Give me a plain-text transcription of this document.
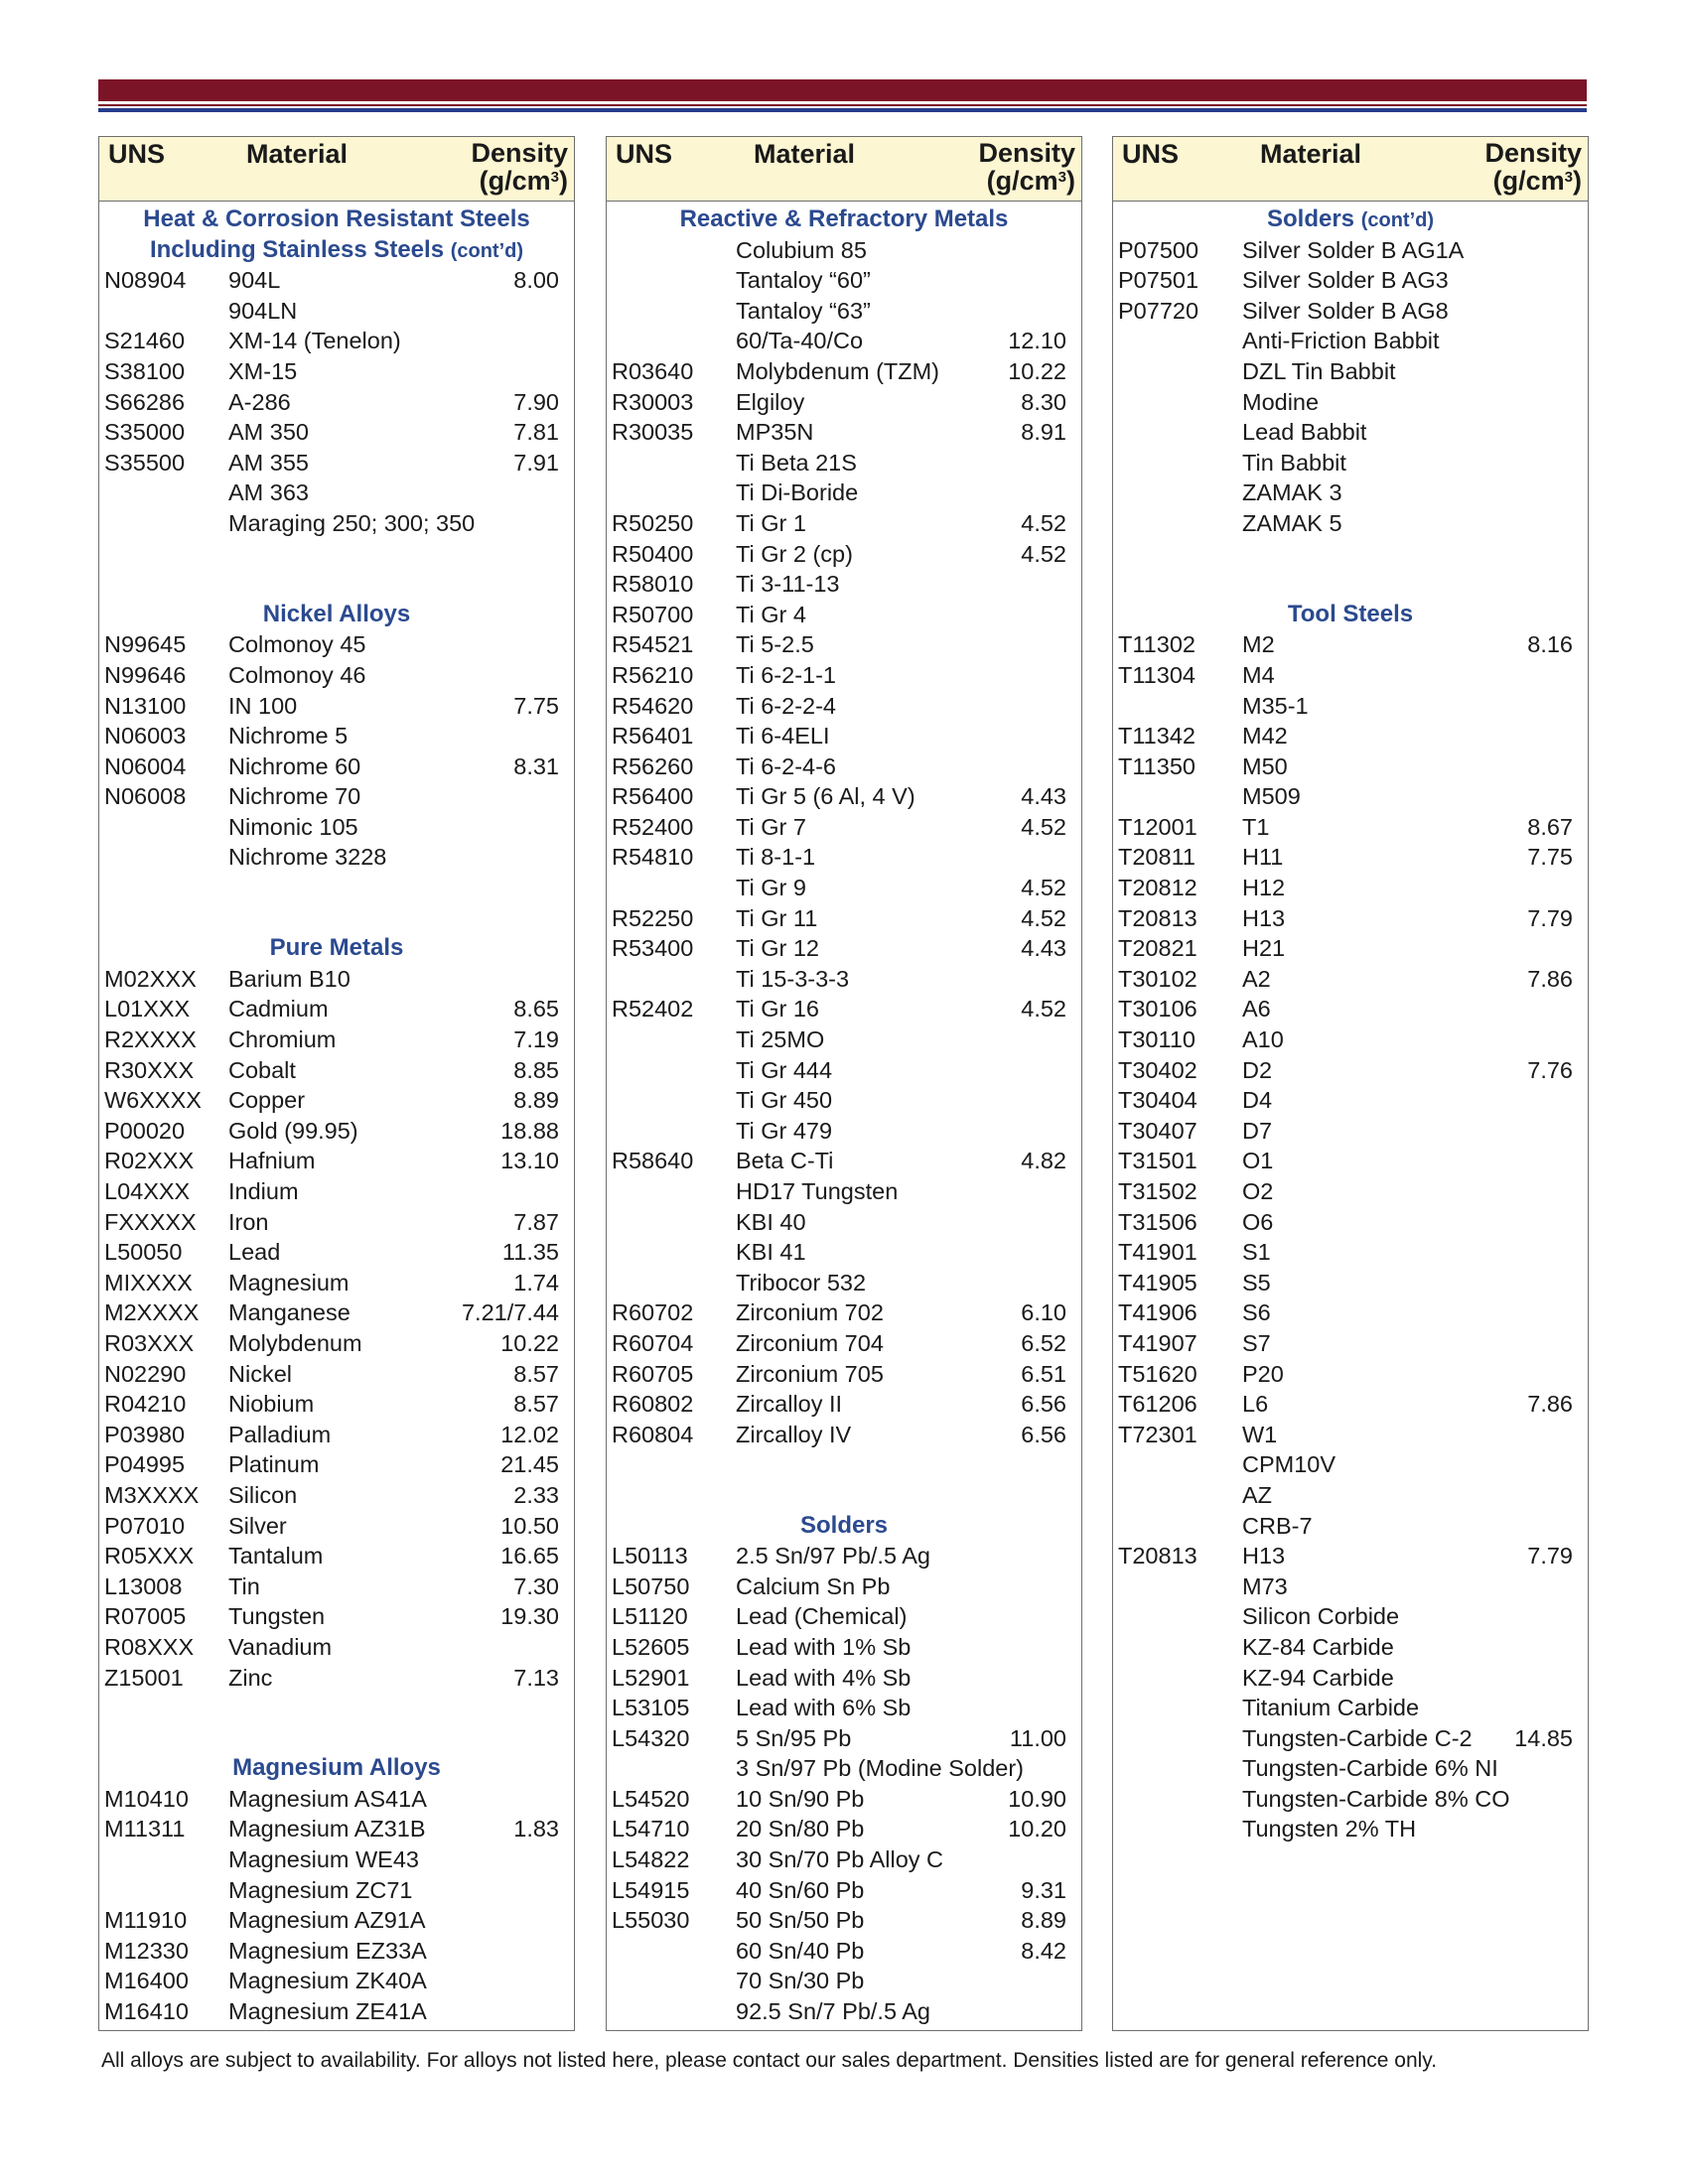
UNS	Material	Density
$(g/cm^3)$
Heat & Corrosion Resistant Steels
Including Stainless Steels (cont’d)
N08904 904L	8.00
904LN
S21460 XM-14 (Tenelon)
S38100 XM-15
S66286 A-286	7.90
S35000 AM 350	7.81
S35500 AM 355	7.91
AM 363
Maraging 250; 300; 350
Nickel Alloys
N99645 Colmonoy 45
N99646 Colmonoy 46
N13100 IN 100	7.75
N06003 Nichrome 5
N06004 Nichrome 60	8.31
N06008 Nichrome 70
Nimonic 105
Nichrome 3228
Pure Metals
M02XXX Barium B10
L01XXX Cadmium	8.65
R2XXXX Chromium	7.19
R30XXX Cobalt	8.85
W6XXXX Copper	8.89
P00020 Gold (99.95)	18.88
R02XXX Hafnium	13.10
L04XXX Indium
FXXXXX Iron	7.87
L50050 Lead	11.35
MIXXXX Magnesium	1.74
M2XXXX Manganese	7.21/7.44
R03XXX Molybdenum	10.22
N02290 Nickel	8.57
R04210 Niobium	8.57
P03980 Palladium	12.02
P04995 Platinum	21.45
M3XXXX Silicon	2.33
P07010 Silver	10.50
R05XXX Tantalum	16.65
L13008 Tin	7.30
R07005 Tungsten	19.30
R08XXX Vanadium
Z15001 Zinc	7.13
Magnesium Alloys
M10410 Magnesium AS41A
M11311 Magnesium AZ31B	1.83
Magnesium WE43
Magnesium ZC71
M11910 Magnesium AZ91A
M12330 Magnesium EZ33A
M16400 Magnesium ZK40A
M16410 Magnesium ZE41A
UNS	Material	Density
$(g/cm^3)$
Reactive & Refractory Metals
Colubium 85
Tantaloy “60”
Tantaloy “63”
60/Ta-40/Co	12.10
R03640 Molybdenum (TZM)	10.22
R30003 Elgiloy	8.30
R30035 MP35N	8.91
Ti Beta 21S
Ti Di-Boride
R50250 Ti Gr 1	4.52
R50400 Ti Gr 2 (cp)	4.52
R58010 Ti 3-11-13
R50700 Ti Gr 4
R54521 Ti 5-2.5
R56210 Ti 6-2-1-1
R54620 Ti 6-2-2-4
R56401 Ti 6-4ELI
R56260 Ti 6-2-4-6
R56400 Ti Gr 5 (6 Al, 4 V)	4.43
R52400 Ti Gr 7	4.52
R54810 Ti 8-1-1
Ti Gr 9	4.52
R52250 Ti Gr 11	4.52
R53400 Ti Gr 12	4.43
Ti 15-3-3-3
R52402 Ti Gr 16	4.52
Ti 25MO
Ti Gr 444
Ti Gr 450
Ti Gr 479
R58640 Beta C-Ti	4.82
HD17 Tungsten
KBI 40
KBI 41
Tribocor 532
R60702 Zirconium 702	6.10
R60704 Zirconium 704	6.52
R60705 Zirconium 705	6.51
R60802 Zircalloy II	6.56
R60804 Zircalloy IV	6.56
Solders
L50113 2.5 Sn/97 Pb/.5 Ag
L50750 Calcium Sn Pb
L51120 Lead (Chemical)
L52605 Lead with 1% Sb
L52901 Lead with 4% Sb
L53105 Lead with 6% Sb
L54320 5 Sn/95 Pb	11.00
3 Sn/97 Pb (Modine Solder)
L54520 10 Sn/90 Pb	10.90
L54710 20 Sn/80 Pb	10.20
L54822 30 Sn/70 Pb Alloy C
L54915 40 Sn/60 Pb	9.31
L55030 50 Sn/50 Pb	8.89
60 Sn/40 Pb	8.42
70 Sn/30 Pb
92.5 Sn/7 Pb/.5 Ag
UNS	Material	Density
$(g/cm^3)$
Solders (cont’d)
P07500 Silver Solder B AG1A
P07501 Silver Solder B AG3
P07720 Silver Solder B AG8
Anti-Friction Babbit
DZL Tin Babbit
Modine
Lead Babbit
Tin Babbit
ZAMAK 3
ZAMAK 5
Tool Steels
T11302 M2	8.16
T11304 M4
M35-1
T11342 M42
T11350 M50
M509
T12001 T1	8.67
T20811 H11	7.75
T20812 H12
T20813 H13	7.79
T20821 H21
T30102 A2	7.86
T30106 A6
T30110 A10
T30402 D2	7.76
T30404 D4
T30407 D7
T31501 O1
T31502 O2
T31506 O6
T41901 S1
T41905 S5
T41906 S6
T41907 S7
T51620 P20
T61206 L6	7.86
T72301 W1
CPM10V
AZ
CRB-7
T20813 H13	7.79
M73
Silicon Corbide
KZ-84 Carbide
KZ-94 Carbide
Titanium Carbide
Tungsten-Carbide C-2 14.85
Tungsten-Carbide 6% NI
Tungsten-Carbide 8% CO
Tungsten 2% TH
All alloys are subject to availability. For alloys not listed here, please contact our sales department. Densities listed are for general reference only.
